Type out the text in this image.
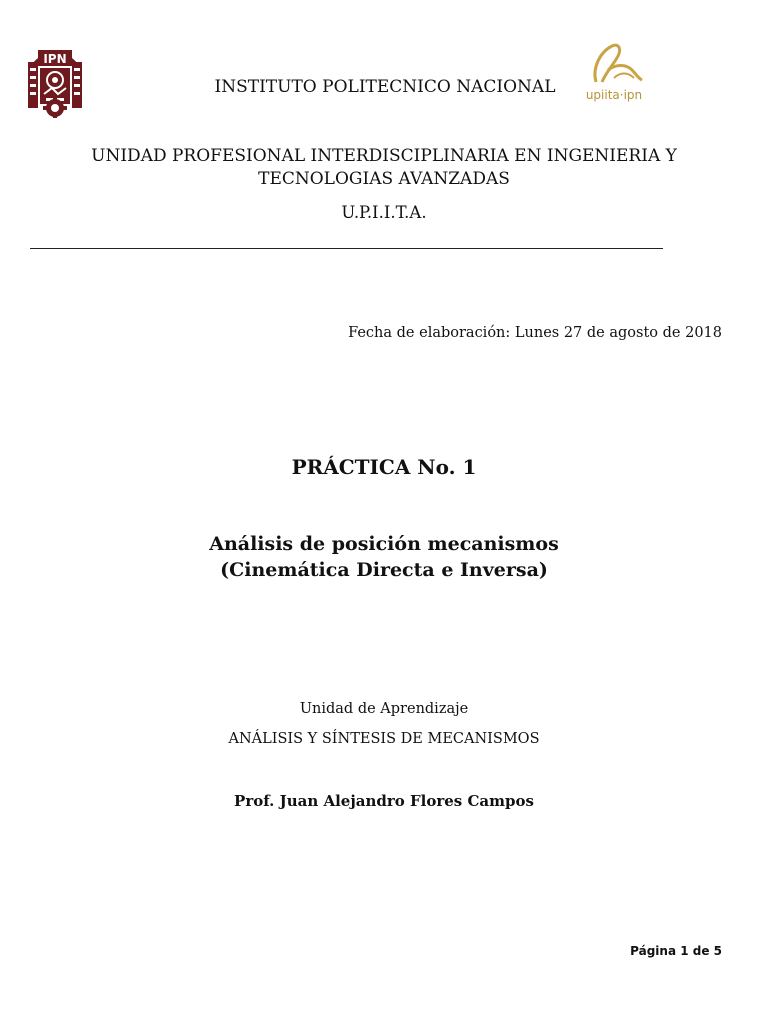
IPN
upiita·ipn
INSTITUTO POLITECNICO NACIONAL
UNIDAD PROFESIONAL INTERDISCIPLINARIA EN INGENIERIA Y
TECNOLOGIAS AVANZADAS
U.P.I.I.T.A.
Fecha de elaboración: Lunes 27 de agosto de 2018
PRÁCTICA No. 1
Análisis de posición mecanismos
(Cinemática Directa e Inversa)
Unidad de Aprendizaje
ANÁLISIS Y SÍNTESIS DE MECANISMOS
Prof. Juan Alejandro Flores Campos
Página 1 de 5
